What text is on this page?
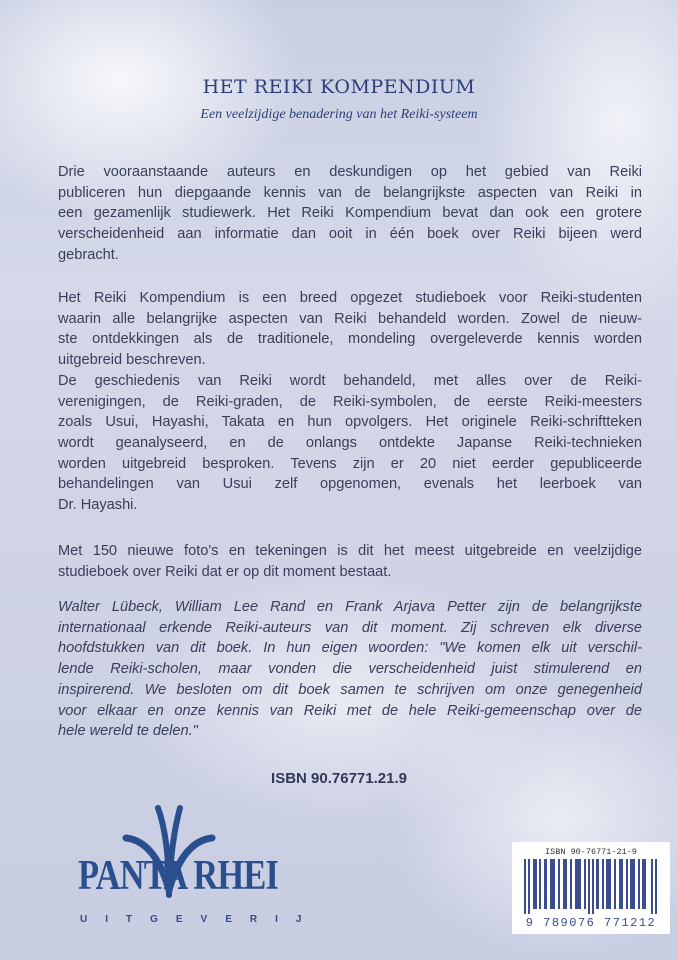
HET REIKI KOMPENDIUM
Een veelzijdige benadering van het Reiki-systeem
Drie vooraanstaande auteurs en deskundigen op het gebied van Reiki
publiceren hun diepgaande kennis van de belangrijkste aspecten van Reiki in
een gezamenlijk studiewerk. Het Reiki Kompendium bevat dan ook een grotere
verscheidenheid aan informatie dan ooit in één boek over Reiki bijeen werd
gebracht.
Het Reiki Kompendium is een breed opgezet studieboek voor Reiki-studenten
waarin alle belangrijke aspecten van Reiki behandeld worden. Zowel de nieuw-
ste ontdekkingen als de traditionele, mondeling overgeleverde kennis worden
uitgebreid beschreven.
De geschiedenis van Reiki wordt behandeld, met alles over de Reiki-
verenigingen, de Reiki-graden, de Reiki-symbolen, de eerste Reiki-meesters
zoals Usui, Hayashi, Takata en hun opvolgers. Het originele Reiki-schriftteken
wordt geanalyseerd, en de onlangs ontdekte Japanse Reiki-technieken
worden uitgebreid besproken. Tevens zijn er 20 niet eerder gepubliceerde
behandelingen van Usui zelf opgenomen, evenals het leerboek van
Dr. Hayashi.
Met 150 nieuwe foto's en tekeningen is dit het meest uitgebreide en veelzijdige
studieboek over Reiki dat er op dit moment bestaat.
Walter Lübeck, William Lee Rand en Frank Arjava Petter zijn de belangrijkste
internationaal erkende Reiki-auteurs van dit moment. Zij schreven elk diverse
hoofdstukken van dit boek. In hun eigen woorden: "We komen elk uit verschil-
lende Reiki-scholen, maar vonden die verscheidenheid juist stimulerend en
inspirerend. We besloten om dit boek samen te schrijven om onze genegenheid
voor elkaar en onze kennis van Reiki met de hele Reiki-gemeenschap over de
hele wereld te delen."
ISBN 90.76771.21.9
PANTA RHEI
UITGEVERIJ
ISBN 90-76771-21-9
9 789076 771212
